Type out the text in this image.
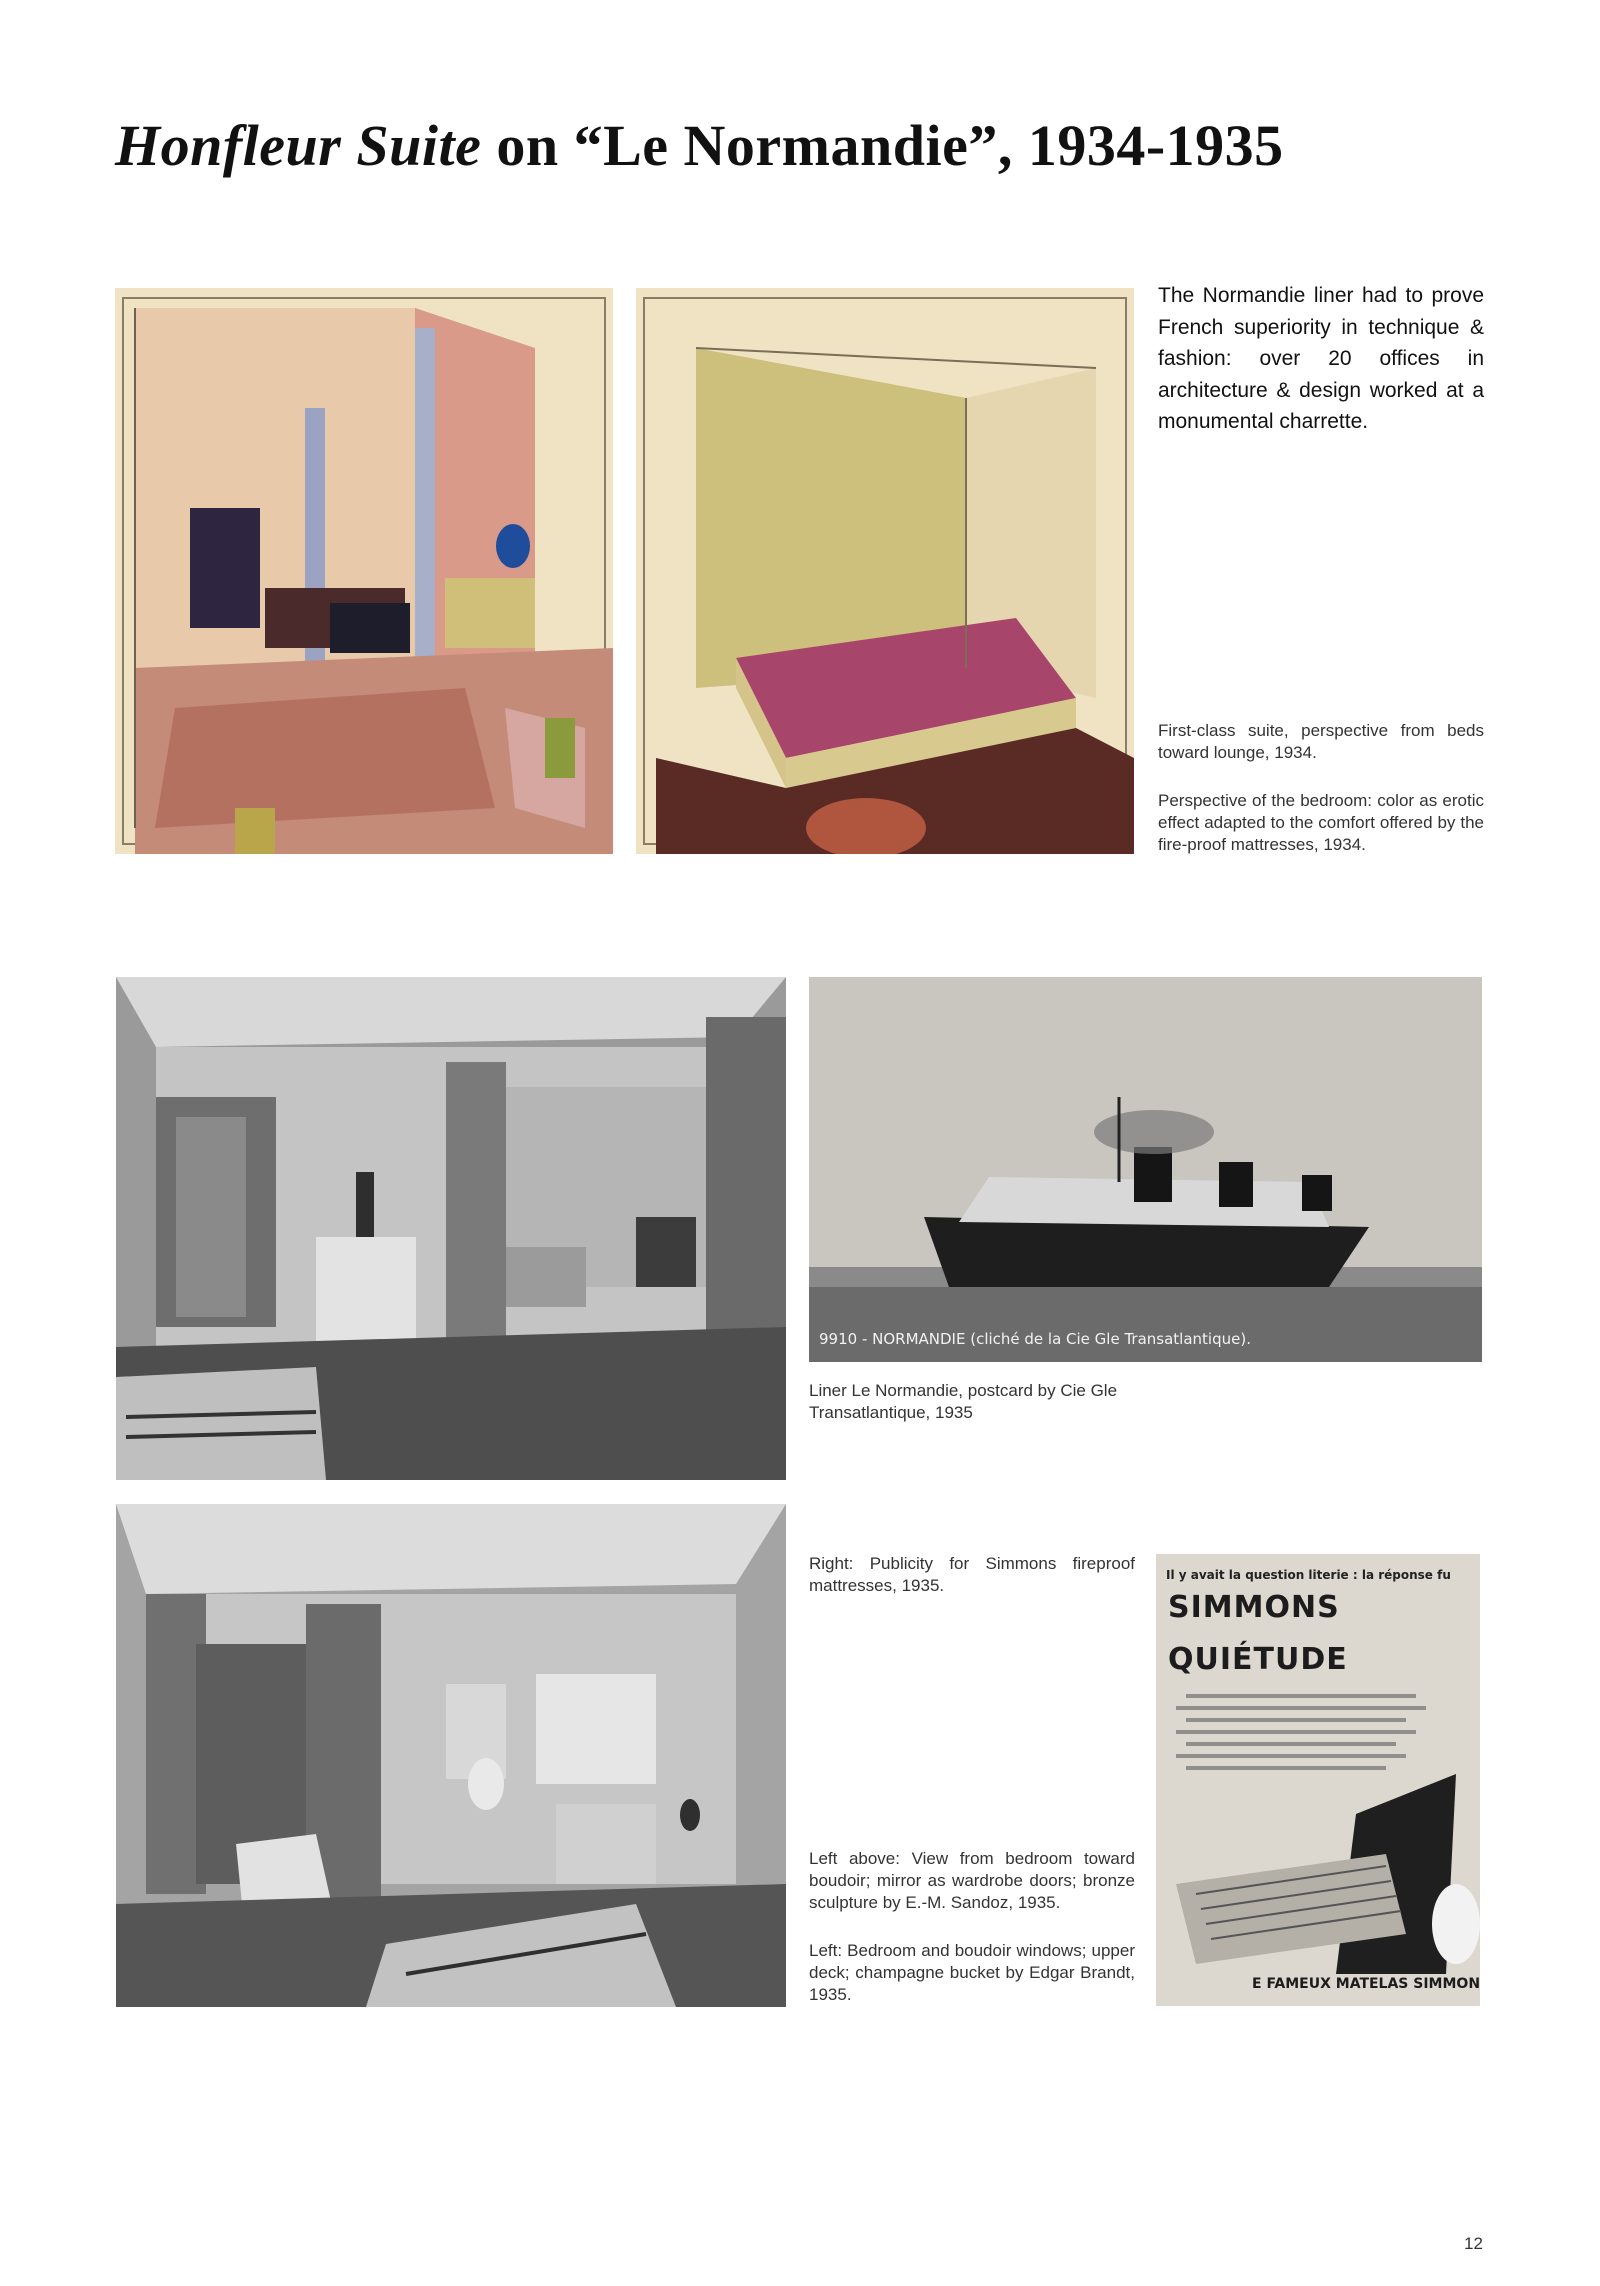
Honfleur Suite on “Le Normandie”, 1934-1935

The Normandie liner had to prove French superiority in technique & fashion: over 20 offices in architecture & design worked at a monumental charrette.

First-class suite, perspective from beds toward lounge, 1934.

Perspective of the bedroom: color as erotic effect adapted to the comfort offered by the fire-proof mattresses, 1934.

9910 - NORMANDIE (cliché de la Cie Gle Transatlantique).

Liner Le Normandie, postcard by Cie Gle Transatlantique, 1935

Right: Publicity for Simmons fireproof mattresses, 1935.

Left above: View from bedroom toward boudoir; mirror as wardrobe doors; bronze sculpture by E.-M. Sandoz, 1935.

Left: Bedroom and boudoir windows; upper deck; champagne bucket by Edgar Brandt, 1935.

Il y avait la question literie : la réponse fu
SIMMONS
QUIÉTUDE
E FAMEUX MATELAS SIMMON
12
